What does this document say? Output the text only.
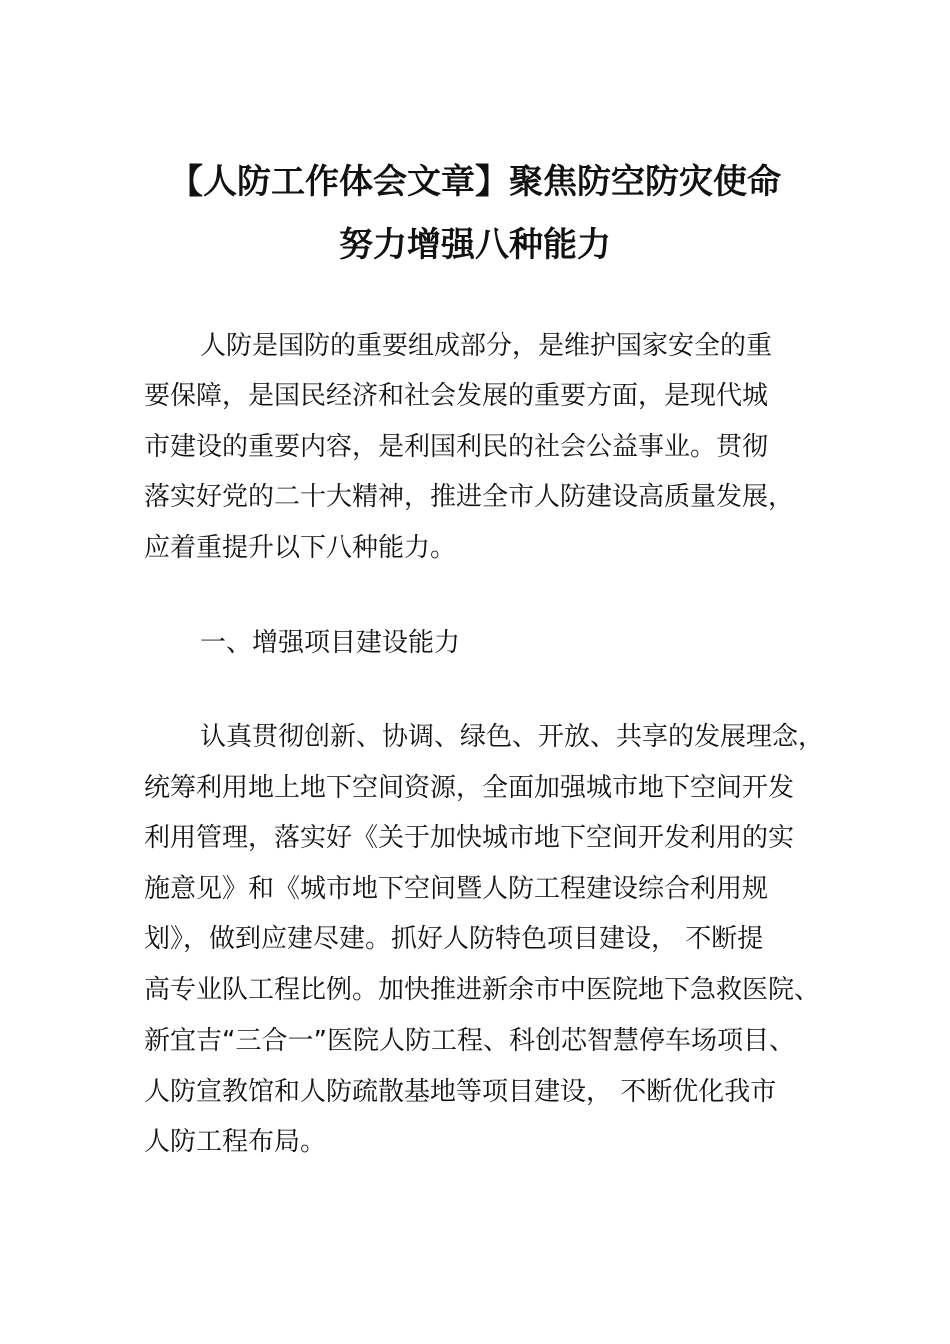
【人防工作体会文章】聚焦防空防灾使命
努力增强八种能力
人防是国防的重要组成部分，是维护国家安全的重
要保障，是国民经济和社会发展的重要方面，是现代城
市建设的重要内容，是利国利民的社会公益事业。贯彻
落实好党的二十大精神，推进全市人防建设高质量发展，
应着重提升以下八种能力。
一、增强项目建设能力
认真贯彻创新、协调、绿色、开放、共享的发展理念，
统筹利用地上地下空间资源，全面加强城市地下空间开发
利用管理，落实好《关于加快城市地下空间开发利用的实
施意见》和《城市地下空间暨人防工程建设综合利用规
划》，做到应建尽建。抓好人防特色项目建设， 不断提
高专业队工程比例。加快推进新余市中医院地下急救医院、
新宜吉“三合一”医院人防工程、科创芯智慧停车场项目、
人防宣教馆和人防疏散基地等项目建设， 不断优化我市
人防工程布局。
